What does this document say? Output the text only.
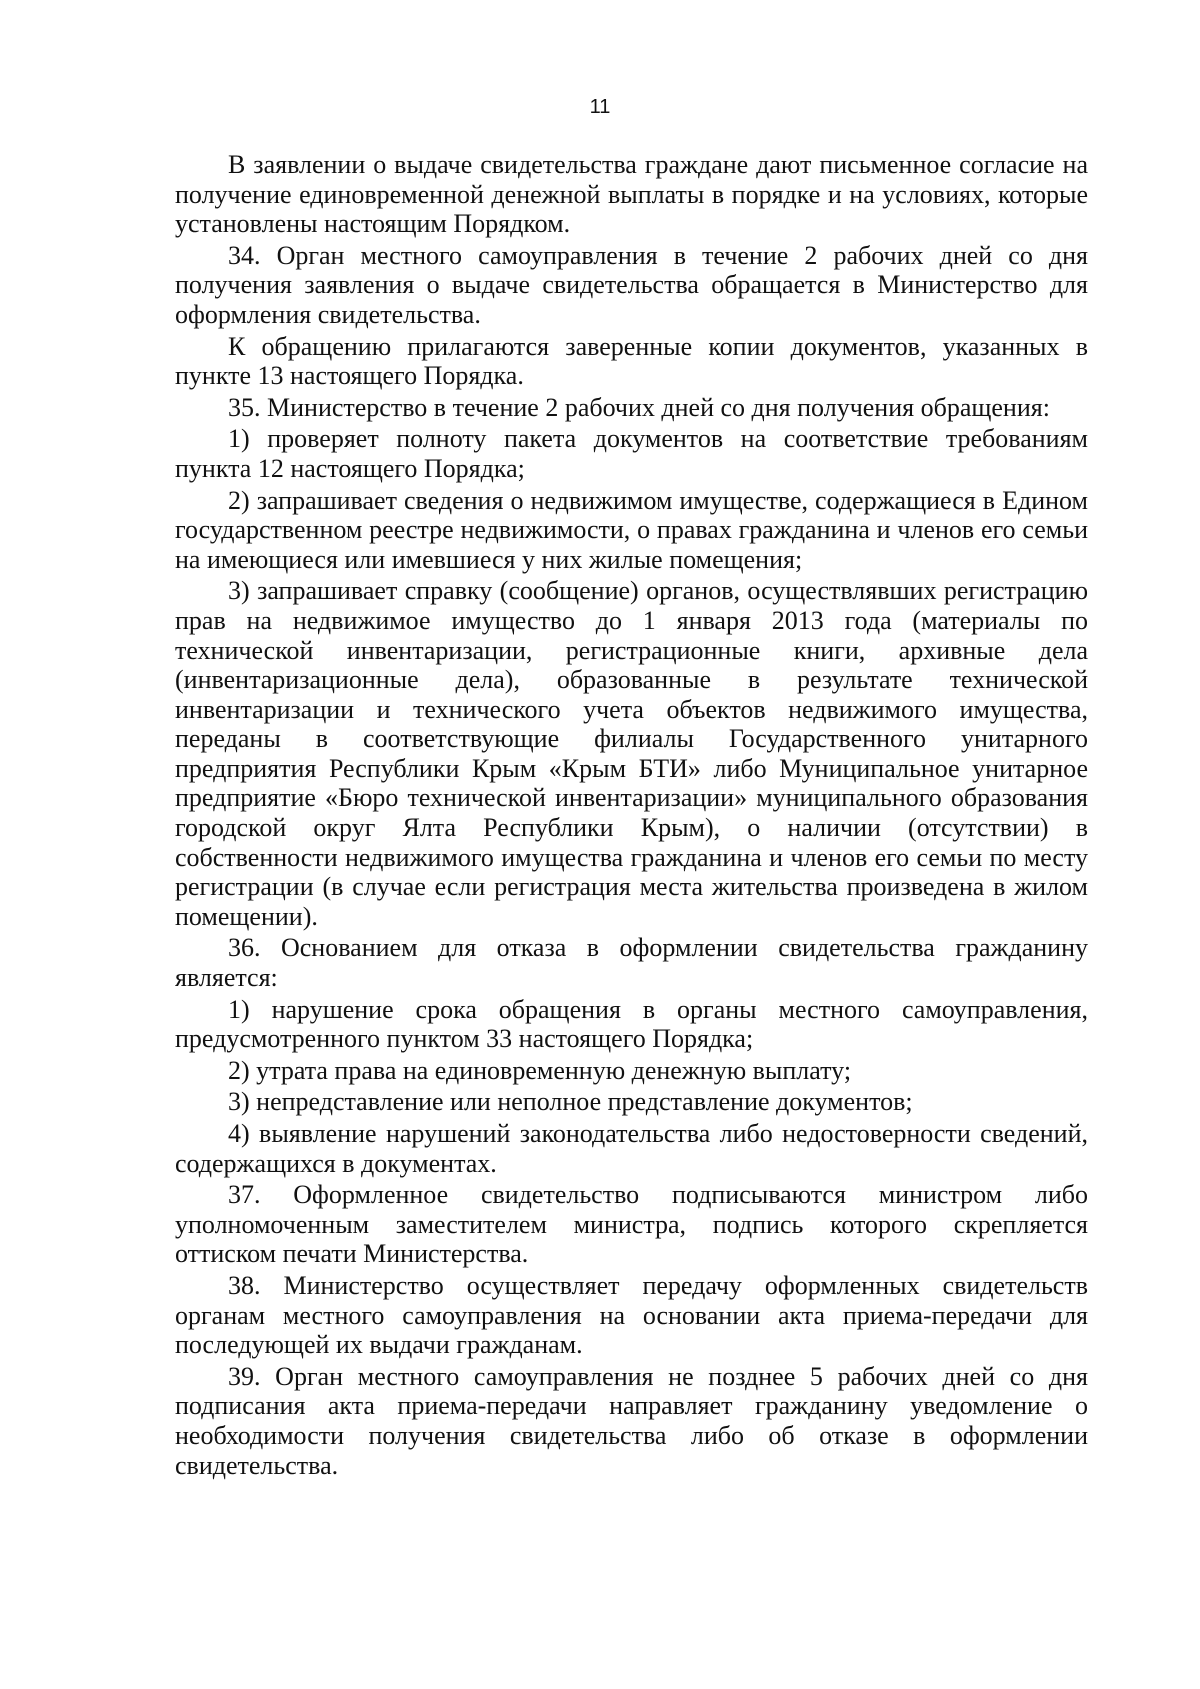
11

В заявлении о выдаче свидетельства граждане дают письменное согласие на получение единовременной денежной выплаты в порядке и на условиях, которые установлены настоящим Порядком.

34. Орган местного самоуправления в течение 2 рабочих дней со дня получения заявления о выдаче свидетельства обращается в Министерство для оформления свидетельства.

К обращению прилагаются заверенные копии документов, указанных в пункте 13 настоящего Порядка.

35. Министерство в течение 2 рабочих дней со дня получения обращения:

1) проверяет полноту пакета документов на соответствие требованиям пункта 12 настоящего Порядка;

2) запрашивает сведения о недвижимом имуществе, содержащиеся в Едином государственном реестре недвижимости, о правах гражданина и членов его семьи на имеющиеся или имевшиеся у них жилые помещения;

3) запрашивает справку (сообщение) органов, осуществлявших регистрацию прав на недвижимое имущество до 1 января 2013 года (материалы по технической инвентаризации, регистрационные книги, архивные дела (инвентаризационные дела), образованные в результате технической инвентаризации и технического учета объектов недвижимого имущества, переданы в соответствующие филиалы Государственного унитарного предприятия Республики Крым «Крым БТИ» либо Муниципальное унитарное предприятие «Бюро технической инвентаризации» муниципального образования городской округ Ялта Республики Крым), о наличии (отсутствии) в собственности недвижимого имущества гражданина и членов его семьи по месту регистрации (в случае если регистрация места жительства произведена в жилом помещении).

36. Основанием для отказа в оформлении свидетельства гражданину является:

1) нарушение срока обращения в органы местного самоуправления, предусмотренного пунктом 33 настоящего Порядка;

2) утрата права на единовременную денежную выплату;

3) непредставление или неполное представление документов;

4) выявление нарушений законодательства либо недостоверности сведений, содержащихся в документах.

37. Оформленное свидетельство подписываются министром либо уполномоченным заместителем министра, подпись которого скрепляется оттиском печати Министерства.

38. Министерство осуществляет передачу оформленных свидетельств органам местного самоуправления на основании акта приема-передачи для последующей их выдачи гражданам.

39. Орган местного самоуправления не позднее 5 рабочих дней со дня подписания акта приема-передачи направляет гражданину уведомление о необходимости получения свидетельства либо об отказе в оформлении свидетельства.
